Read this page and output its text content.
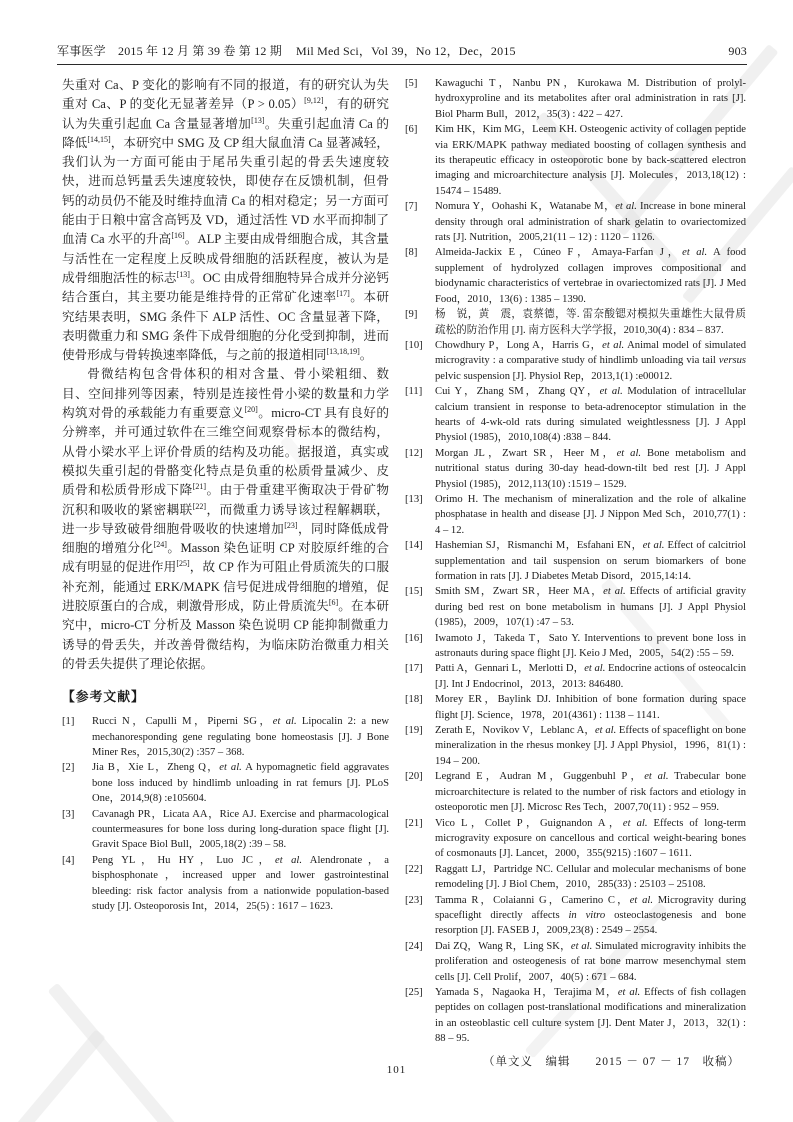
军事医学　2015 年 12 月 第 39 卷 第 12 期 Mil Med Sci，Vol 39，No 12，Dec，2015	903

失重对 Ca、P 变化的影响有不同的报道，有的研究认为失重对 Ca、P 的变化无显著差异（P > 0.05）[9,12]，有的研究认为失重引起血 Ca 含量显著增加[13]。失重引起血清 Ca 的降低[14,15]，本研究中 SMG 及 CP 组大鼠血清 Ca 显著减轻，我们认为一方面可能由于尾吊失重引起的骨丢失速度较快，进而总钙量丢失速度较快，即使存在反馈机制，但骨钙的动员仍不能及时维持血清 Ca 的相对稳定；另一方面可能由于日粮中富含高钙及 VD，通过活性 VD 水平而抑制了血清 Ca 水平的升高[16]。ALP 主要由成骨细胞合成，其含量与活性在一定程度上反映成骨细胞的活跃程度，被认为是成骨细胞活性的标志[13]。OC 由成骨细胞特异合成并分泌钙结合蛋白，其主要功能是维持骨的正常矿化速率[17]。本研究结果表明，SMG 条件下 ALP 活性、OC 含量显著下降，表明微重力和 SMG 条件下成骨细胞的分化受到抑制，进而使骨形成与骨转换速率降低，与之前的报道相同[13,18,19]。

骨微结构包含骨体积的相对含量、骨小梁粗细、数目、空间排列等因素，特别是连接性骨小梁的数量和力学构筑对骨的承载能力有重要意义[20]。micro-CT 具有良好的分辨率，并可通过软件在三维空间观察骨标本的微结构，从骨小梁水平上评价骨质的结构及功能。据报道，真实或模拟失重引起的骨骼变化特点是负重的松质骨量减少、皮质骨和松质骨形成下降[21]。由于骨重建平衡取决于骨矿物沉积和吸收的紧密耦联[22]，而微重力诱导该过程解耦联，进一步导致破骨细胞骨吸收的快速增加[23]，同时降低成骨细胞的增殖分化[24]。Masson 染色证明 CP 对胶原纤维的合成有明显的促进作用[25]，故 CP 作为可阻止骨质流失的口服补充剂，能通过 ERK/MAPK 信号促进成骨细胞的增殖，促进胶原蛋白的合成，刺激骨形成，防止骨质流失[6]。在本研究中，micro-CT 分析及 Masson 染色说明 CP 能抑制微重力诱导的骨丢失，并改善骨微结构，为临床防治微重力相关的骨丢失提供了理论依据。

【参考文献】
[1]	Rucci N，Capulli M，Piperni SG，et al. Lipocalin 2: a new mechanoresponding gene regulating bone homeostasis [J]. J Bone Miner Res，2015,30(2) :357 – 368.
[2]	Jia B，Xie L，Zheng Q，et al. A hypomagnetic field aggravates bone loss induced by hindlimb unloading in rat femurs [J]. PLoS One，2014,9(8) :e105604.
[3]	Cavanagh PR，Licata AA，Rice AJ. Exercise and pharmacological countermeasures for bone loss during long-duration space flight [J]. Gravit Space Biol Bull，2005,18(2) :39 – 58.
[4]	Peng YL，Hu HY，Luo JC，et al. Alendronate，a bisphosphonate，increased upper and lower gastrointestinal bleeding: risk factor analysis from a nationwide population-based study [J]. Osteoporosis Int，2014，25(5) : 1617 – 1623.
[5]	Kawaguchi T，Nanbu PN，Kurokawa M. Distribution of prolyl-hydroxyproline and its metabolites after oral administration in rats [J]. Biol Pharm Bull，2012，35(3) : 422 – 427.
[6]	Kim HK，Kim MG，Leem KH. Osteogenic activity of collagen peptide via ERK/MAPK pathway mediated boosting of collagen synthesis and its therapeutic efficacy in osteoporotic bone by back-scattered electron imaging and microarchitecture analysis [J]. Molecules，2013,18(12) : 15474 – 15489.
[7]	Nomura Y，Oohashi K，Watanabe M，et al. Increase in bone mineral density through oral administration of shark gelatin to ovariectomized rats [J]. Nutrition，2005,21(11 – 12) : 1120 – 1126.
[8]	Almeida-Jackix E，Cúneo F，Amaya-Farfan J，et al. A food supplement of hydrolyzed collagen improves compositional and biodynamic characteristics of vertebrae in ovariectomized rats [J]. J Med Food，2010，13(6) : 1385 – 1390.
[9]	杨　锐，黄　震，袁蔡德，等. 雷奈酸锶对模拟失重雄性大鼠骨质疏松的防治作用 [J]. 南方医科大学学报，2010,30(4) : 834 – 837.
[10]	Chowdhury P，Long A，Harris G，et al. Animal model of simulated microgravity : a comparative study of hindlimb unloading via tail versus pelvic suspension [J]. Physiol Rep，2013,1(1) :e00012.
[11]	Cui Y，Zhang SM，Zhang QY，et al. Modulation of intracellular calcium transient in response to beta-adrenoceptor stimulation in the hearts of 4-wk-old rats during simulated weightlessness [J]. J Appl Physiol (1985)，2010,108(4) :838 – 844.
[12]	Morgan JL，Zwart SR，Heer M，et al. Bone metabolism and nutritional status during 30-day head-down-tilt bed rest [J]. J Appl Physiol (1985)，2012,113(10) :1519 – 1529.
[13]	Orimo H. The mechanism of mineralization and the role of alkaline phosphatase in health and disease [J]. J Nippon Med Sch，2010,77(1) : 4 – 12.
[14]	Hashemian SJ，Rismanchi M，Esfahani EN，et al. Effect of calcitriol supplementation and tail suspension on serum biomarkers of bone formation in rats [J]. J Diabetes Metab Disord，2015,14:14.
[15]	Smith SM，Zwart SR，Heer MA，et al. Effects of artificial gravity during bed rest on bone metabolism in humans [J]. J Appl Physiol (1985)，2009，107(1) :47 – 53.
[16]	Iwamoto J，Takeda T，Sato Y. Interventions to prevent bone loss in astronauts during space flight [J]. Keio J Med，2005，54(2) :55 – 59.
[17]	Patti A，Gennari L，Merlotti D，et al. Endocrine actions of osteocalcin [J]. Int J Endocrinol，2013，2013: 846480.
[18]	Morey ER，Baylink DJ. Inhibition of bone formation during space flight [J]. Science，1978，201(4361) : 1138 – 1141.
[19]	Zerath E，Novikov V，Leblanc A，et al. Effects of spaceflight on bone mineralization in the rhesus monkey [J]. J Appl Physiol，1996，81(1) : 194 – 200.
[20]	Legrand E，Audran M，Guggenbuhl P，et al. Trabecular bone microarchitecture is related to the number of risk factors and etiology in osteoporotic men [J]. Microsc Res Tech，2007,70(11) : 952 – 959.
[21]	Vico L，Collet P，Guignandon A，et al. Effects of long-term microgravity exposure on cancellous and cortical weight-bearing bones of cosmonauts [J]. Lancet，2000，355(9215) :1607 – 1611.
[22]	Raggatt LJ，Partridge NC. Cellular and molecular mechanisms of bone remodeling [J]. J Biol Chem，2010，285(33) : 25103 – 25108.
[23]	Tamma R，Colaianni G，Camerino C，et al. Microgravity during spaceflight directly affects in vitro osteoclastogenesis and bone resorption [J]. FASEB J，2009,23(8) : 2549 – 2554.
[24]	Dai ZQ，Wang R，Ling SK，et al. Simulated microgravity inhibits the proliferation and osteogenesis of rat bone marrow mesenchymal stem cells [J]. Cell Prolif，2007，40(5) : 671 – 684.
[25]	Yamada S，Nagaoka H，Terajima M，et al. Effects of fish collagen peptides on collagen post-translational modifications and mineralization in an osteoblastic cell culture system [J]. Dent Mater J，2013，32(1) : 88 – 95.
（单文义　编辑　　2015 － 07 － 17　收稿）
101
